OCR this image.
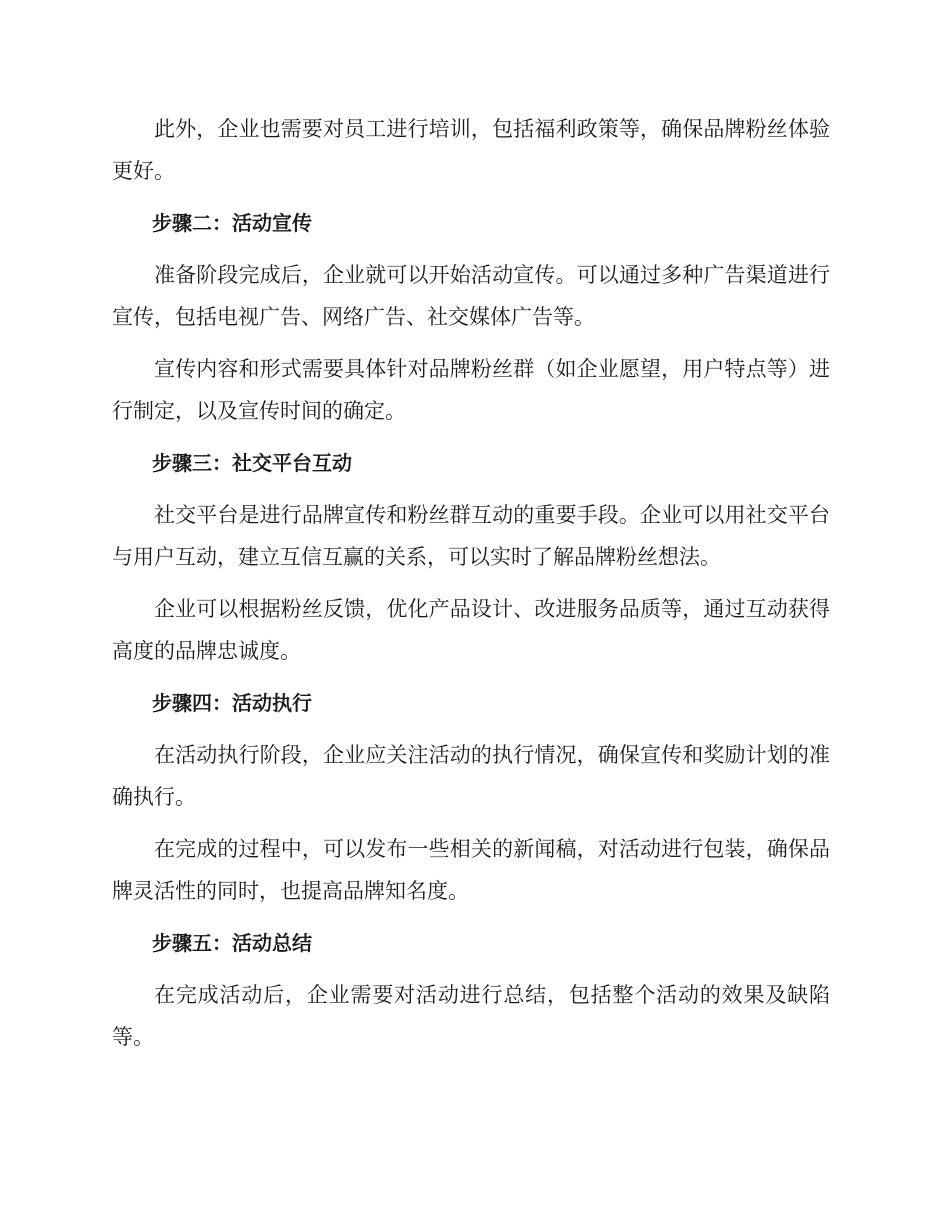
此外，企业也需要对员工进行培训，包括福利政策等，确保品牌粉丝体验更好。

步骤二：活动宣传

准备阶段完成后，企业就可以开始活动宣传。可以通过多种广告渠道进行宣传，包括电视广告、网络广告、社交媒体广告等。

宣传内容和形式需要具体针对品牌粉丝群（如企业愿望，用户特点等）进行制定，以及宣传时间的确定。

步骤三：社交平台互动

社交平台是进行品牌宣传和粉丝群互动的重要手段。企业可以用社交平台与用户互动，建立互信互赢的关系，可以实时了解品牌粉丝想法。

企业可以根据粉丝反馈，优化产品设计、改进服务品质等，通过互动获得高度的品牌忠诚度。

步骤四：活动执行

在活动执行阶段，企业应关注活动的执行情况，确保宣传和奖励计划的准确执行。

在完成的过程中，可以发布一些相关的新闻稿，对活动进行包装，确保品牌灵活性的同时，也提高品牌知名度。

步骤五：活动总结

在完成活动后，企业需要对活动进行总结，包括整个活动的效果及缺陷等。
